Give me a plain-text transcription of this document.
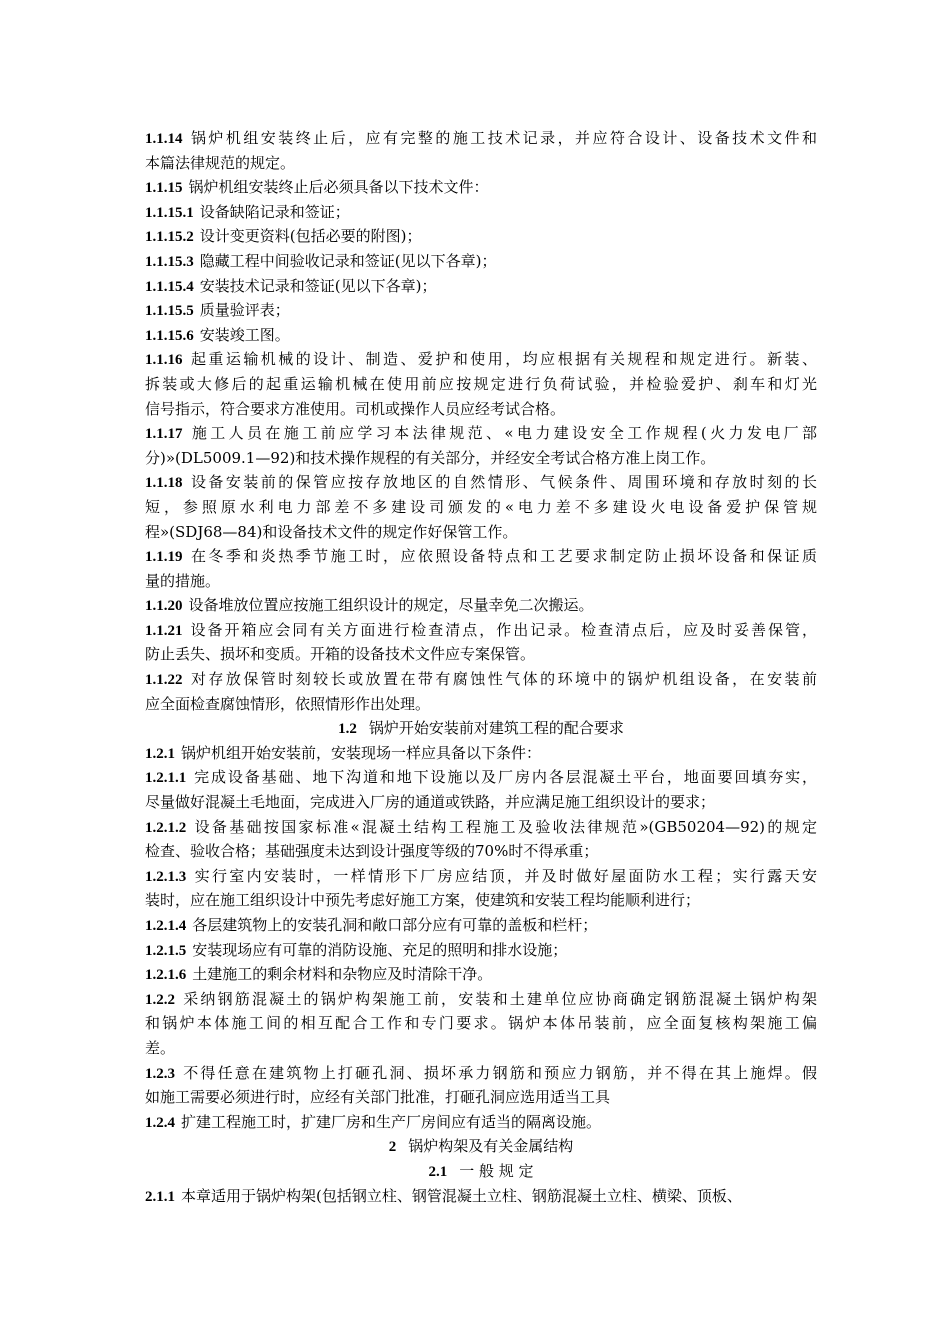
1.1.14 锅炉机组安装终止后，应有完整的施工技术记录，并应符合设计、设备技术文件和
本篇法律规范的规定。
1.1.15 锅炉机组安装终止后必须具备以下技术文件：
1.1.15.1 设备缺陷记录和签证；
1.1.15.2 设计变更资料(包括必要的附图)；
1.1.15.3 隐藏工程中间验收记录和签证(见以下各章)；
1.1.15.4 安装技术记录和签证(见以下各章)；
1.1.15.5 质量验评表；
1.1.15.6 安装竣工图。
1.1.16 起重运输机械的设计、制造、爱护和使用，均应根据有关规程和规定进行。新装、
拆装或大修后的起重运输机械在使用前应按规定进行负荷试验，并检验爱护、刹车和灯光
信号指示，符合要求方准使用。司机或操作人员应经考试合格。
1.1.17 施工人员在施工前应学习本法律规范、«电力建设安全工作规程(火力发电厂部
分)»(DL5009.1—92)和技术操作规程的有关部分，并经安全考试合格方准上岗工作。
1.1.18 设备安装前的保管应按存放地区的自然情形、气候条件、周围环境和存放时刻的长
短，参照原水利电力部差不多建设司颁发的«电力差不多建设火电设备爱护保管规
程»(SDJ68—84)和设备技术文件的规定作好保管工作。
1.1.19 在冬季和炎热季节施工时，应依照设备特点和工艺要求制定防止损坏设备和保证质
量的措施。
1.1.20 设备堆放位置应按施工组织设计的规定，尽量幸免二次搬运。
1.1.21 设备开箱应会同有关方面进行检查清点，作出记录。检查清点后，应及时妥善保管，
防止丢失、损坏和变质。开箱的设备技术文件应专案保管。
1.1.22 对存放保管时刻较长或放置在带有腐蚀性气体的环境中的锅炉机组设备，在安装前
应全面检查腐蚀情形，依照情形作出处理。
1.2 锅炉开始安装前对建筑工程的配合要求
1.2.1 锅炉机组开始安装前，安装现场一样应具备以下条件：
1.2.1.1 完成设备基础、地下沟道和地下设施以及厂房内各层混凝土平台，地面要回填夯实，
尽量做好混凝土毛地面，完成进入厂房的通道或铁路，并应满足施工组织设计的要求；
1.2.1.2 设备基础按国家标准«混凝土结构工程施工及验收法律规范»(GB50204—92)的规定
检查、验收合格；基础强度未达到设计强度等级的70%时不得承重；
1.2.1.3 实行室内安装时，一样情形下厂房应结顶，并及时做好屋面防水工程；实行露天安
装时，应在施工组织设计中预先考虑好施工方案，使建筑和安装工程均能顺利进行；
1.2.1.4 各层建筑物上的安装孔洞和敞口部分应有可靠的盖板和栏杆；
1.2.1.5 安装现场应有可靠的消防设施、充足的照明和排水设施；
1.2.1.6 土建施工的剩余材料和杂物应及时清除干净。
1.2.2 采纳钢筋混凝土的锅炉构架施工前，安装和土建单位应协商确定钢筋混凝土锅炉构架
和锅炉本体施工间的相互配合工作和专门要求。锅炉本体吊装前，应全面复核构架施工偏
差。
1.2.3 不得任意在建筑物上打砸孔洞、损坏承力钢筋和预应力钢筋，并不得在其上施焊。假
如施工需要必须进行时，应经有关部门批准，打砸孔洞应选用适当工具
1.2.4 扩建工程施工时，扩建厂房和生产厂房间应有适当的隔离设施。
2 锅炉构架及有关金属结构
2.1 一 般 规 定
2.1.1 本章适用于锅炉构架(包括钢立柱、钢管混凝土立柱、钢筋混凝土立柱、横梁、顶板、
